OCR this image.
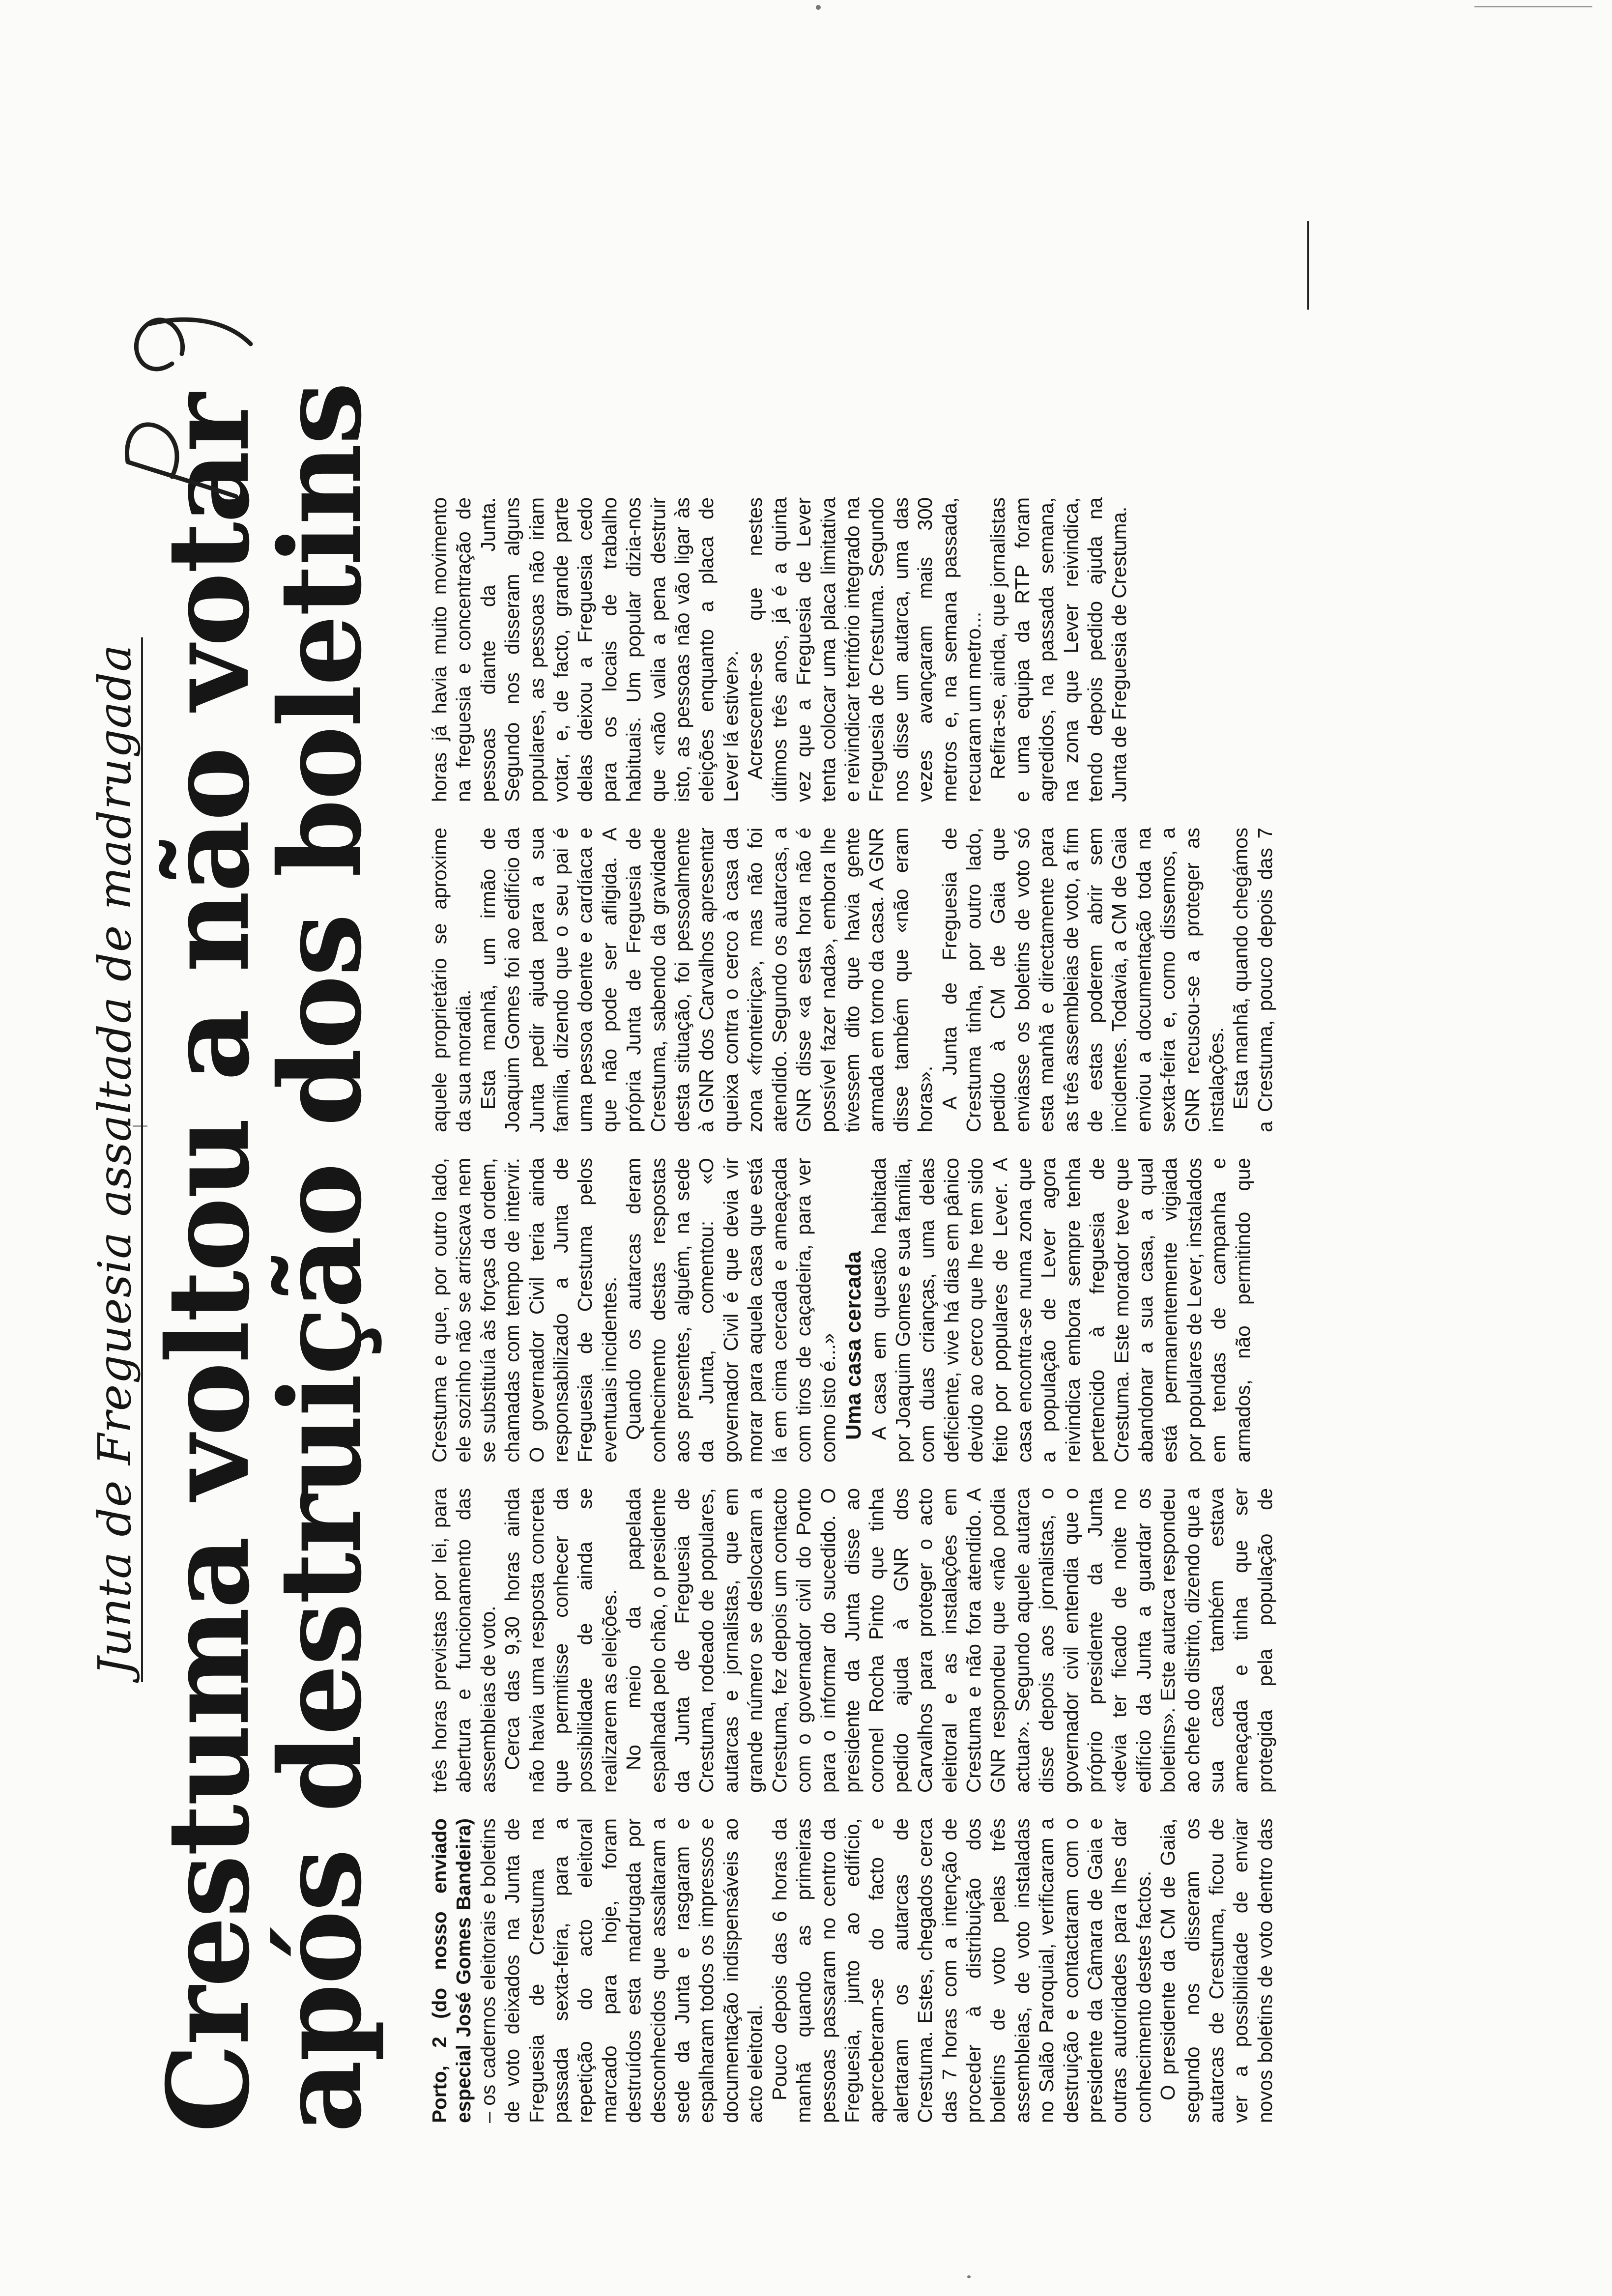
Junta de Freguesia assaltada de madrugada Crestuma voltou a não votar
após destruição dos boletins Porto, 2 (do nosso enviado especial José Gomes Bandeira) – os cadernos eleitorais e boletins de voto deixados na Junta de Freguesia de Crestuma na passada sexta-feira, para a repetição do acto eleitoral marcado para hoje, foram destruídos esta madrugada por desconhecidos que assaltaram a sede da Junta e rasgaram e espalharam todos os impressos e documentação indispensáveis ao acto eleitoral. Pouco depois das 6 horas da manhã quando as primeiras pessoas passaram no centro da Freguesia, junto ao edifício, aperceberam-se do facto e alertaram os autarcas de Crestuma. Estes, chegados cerca das 7 horas com a intenção de proceder à distribuição dos boletins de voto pelas três assembleias, de voto instaladas no Salão Paroquial, verificaram a destruição e contactaram com o presidente da Câmara de Gaia e outras autoridades para lhes dar conhecimento destes factos. O presidente da CM de Gaia, segundo nos disseram os autarcas de Crestuma, ficou de ver a possibilidade de enviar novos boletins de voto dentro das três horas previstas por lei, para abertura e funcionamento das assembleias de voto. Cerca das 9,30 horas ainda não havia uma resposta concreta que permitisse conhecer da possibilidade de ainda se realizarem as eleições. No meio da papelada espalhada pelo chão, o presidente da Junta de Freguesia de Crestuma, rodeado de populares, autarcas e jornalistas, que em grande número se deslocaram a Crestuma, fez depois um contacto com o governador civil do Porto para o informar do sucedido. O presidente da Junta disse ao coronel Rocha Pinto que tinha pedido ajuda à GNR dos Carvalhos para proteger o acto eleitoral e as instalações em Crestuma e não fora atendido. A GNR respondeu que «não podia actuar». Segundo aquele autarca disse depois aos jornalistas, o governador civil entendia que o próprio presidente da Junta «devia ter ficado de noite no edifício da Junta a guardar os boletins». Este autarca respondeu ao chefe do distrito, dizendo que a sua casa também estava ameaçada e tinha que ser protegida pela população de Crestuma e que, por outro lado, ele sozinho não se arriscava nem se substituía às forças da ordem, chamadas com tempo de intervir. O governador Civil teria ainda responsabilizado a Junta de Freguesia de Crestuma pelos eventuais incidentes. Quando os autarcas deram conhecimento destas respostas aos presentes, alguém, na sede da Junta, comentou: «O governador Civil é que devia vir morar para aquela casa que está lá em cima cercada e ameaçada com tiros de caçadeira, para ver como isto é...» Uma casa cercada A casa em questão habitada por Joaquim Gomes e sua família, com duas crianças, uma delas deficiente, vive há dias em pânico devido ao cerco que lhe tem sido feito por populares de Lever. A casa encontra-se numa zona que a população de Lever agora reivindica embora sempre tenha pertencido à freguesia de Crestuma. Este morador teve que abandonar a sua casa, a qual está permanentemente vigiada por populares de Lever, instalados em tendas de campanha e armados, não permitindo que aquele proprietário se aproxime da sua moradia. Esta manhã, um irmão de Joaquim Gomes foi ao edifício da Junta pedir ajuda para a sua família, dizendo que o seu pai é uma pessoa doente e cardíaca e que não pode ser afligida. A própria Junta de Freguesia de Crestuma, sabendo da gravidade desta situação, foi pessoalmente à GNR dos Carvalhos apresentar queixa contra o cerco à casa da zona «fronteiriça», mas não foi atendido. Segundo os autarcas, a GNR disse «a esta hora não é possível fazer nada», embora lhe tivessem dito que havia gente armada em torno da casa. A GNR disse também que «não eram horas». A Junta de Freguesia de Crestuma tinha, por outro lado, pedido à CM de Gaia que enviasse os boletins de voto só esta manhã e directamente para as três assembleias de voto, a fim de estas poderem abrir sem incidentes. Todavia, a CM de Gaia enviou a documentação toda na sexta-feira e, como dissemos, a GNR recusou-se a proteger as instalações. Esta manhã, quando chegámos a Crestuma, pouco depois das 7 horas já havia muito movimento na freguesia e concentração de pessoas diante da Junta. Segundo nos disseram alguns populares, as pessoas não iriam votar, e, de facto, grande parte delas deixou a Freguesia cedo para os locais de trabalho habituais. Um popular dizia-nos que «não valia a pena destruir isto, as pessoas não vão ligar às eleições enquanto a placa de Lever lá estiver». Acrescente-se que nestes últimos três anos, já é a quinta vez que a Freguesia de Lever tenta colocar uma placa limitativa e reivindicar território integrado na Freguesia de Crestuma. Segundo nos disse um autarca, uma das vezes avançaram mais 300 metros e, na semana passada, recuaram um metro... Refira-se, ainda, que jornalistas e uma equipa da RTP foram agredidos, na passada semana, na zona que Lever reivindica, tendo depois pedido ajuda na Junta de Freguesia de Crestuma.
